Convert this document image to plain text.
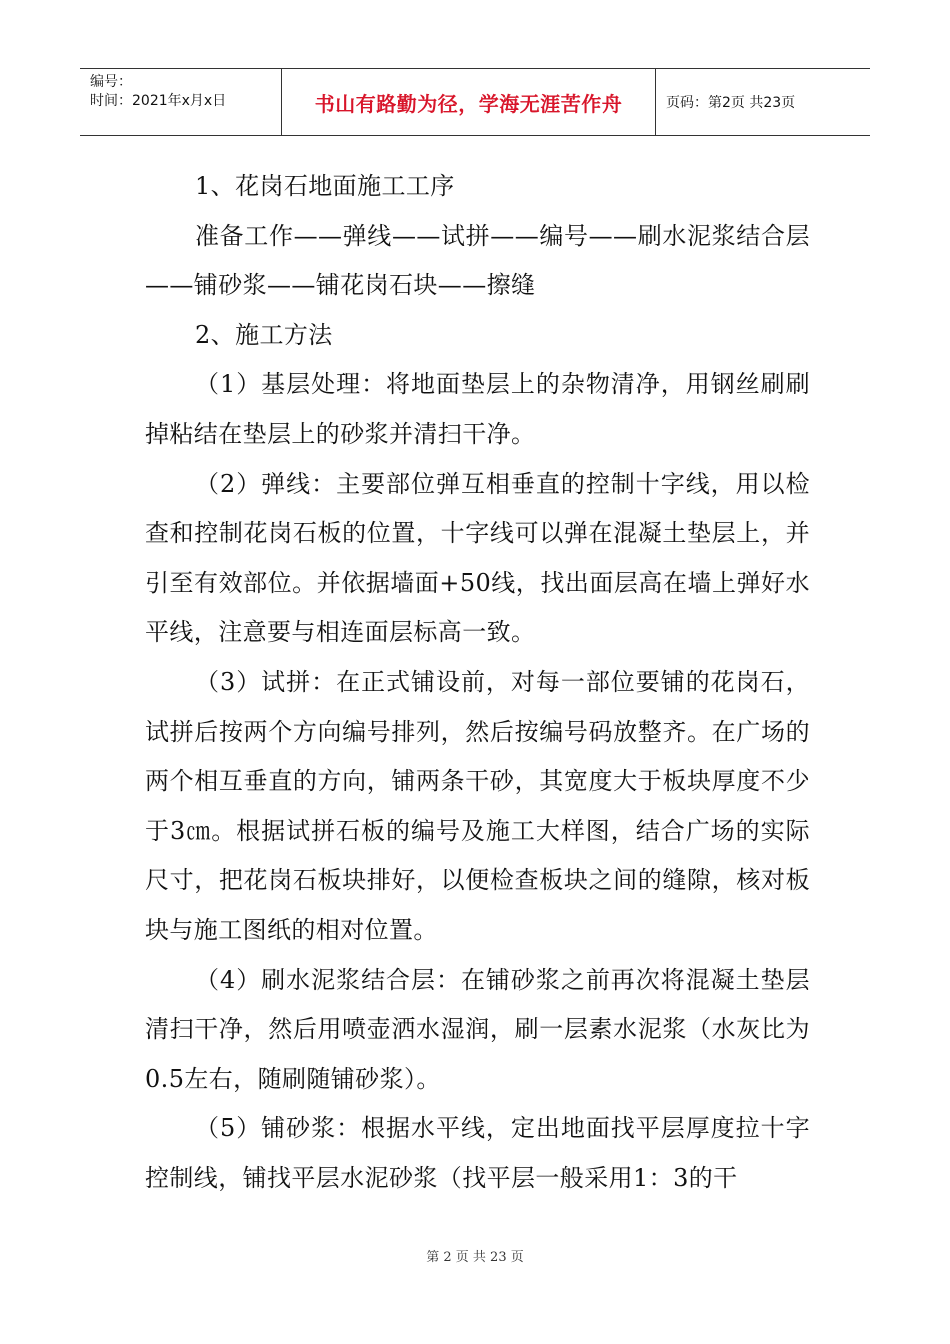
编号：
时间：2021年x月x日	书山有路勤为径，学海无涯苦作舟	页码：第2页 共23页

1、花岗石地面施工工序

准备工作——弹线——试拼——编号——刷水泥浆结合层——铺砂浆——铺花岗石块——擦缝

2、施工方法

（1）基层处理：将地面垫层上的杂物清净，用钢丝刷刷掉粘结在垫层上的砂浆并清扫干净。

（2）弹线：主要部位弹互相垂直的控制十字线，用以检查和控制花岗石板的位置，十字线可以弹在混凝土垫层上，并引至有效部位。并依据墙面+50线，找出面层高在墙上弹好水平线，注意要与相连面层标高一致。

（3）试拼：在正式铺设前，对每一部位要铺的花岗石，试拼后按两个方向编号排列，然后按编号码放整齐。在广场的两个相互垂直的方向，铺两条干砂，其宽度大于板块厚度不少于3㎝。根据试拼石板的编号及施工大样图，结合广场的实际尺寸，把花岗石板块排好，以便检查板块之间的缝隙，核对板块与施工图纸的相对位置。

（4）刷水泥浆结合层：在铺砂浆之前再次将混凝土垫层清扫干净，然后用喷壶洒水湿润，刷一层素水泥浆（水灰比为0.5左右，随刷随铺砂浆）。

（5）铺砂浆：根据水平线，定出地面找平层厚度拉十字控制线，铺找平层水泥砂浆（找平层一般采用1：3的干

第 2 页 共 23 页
